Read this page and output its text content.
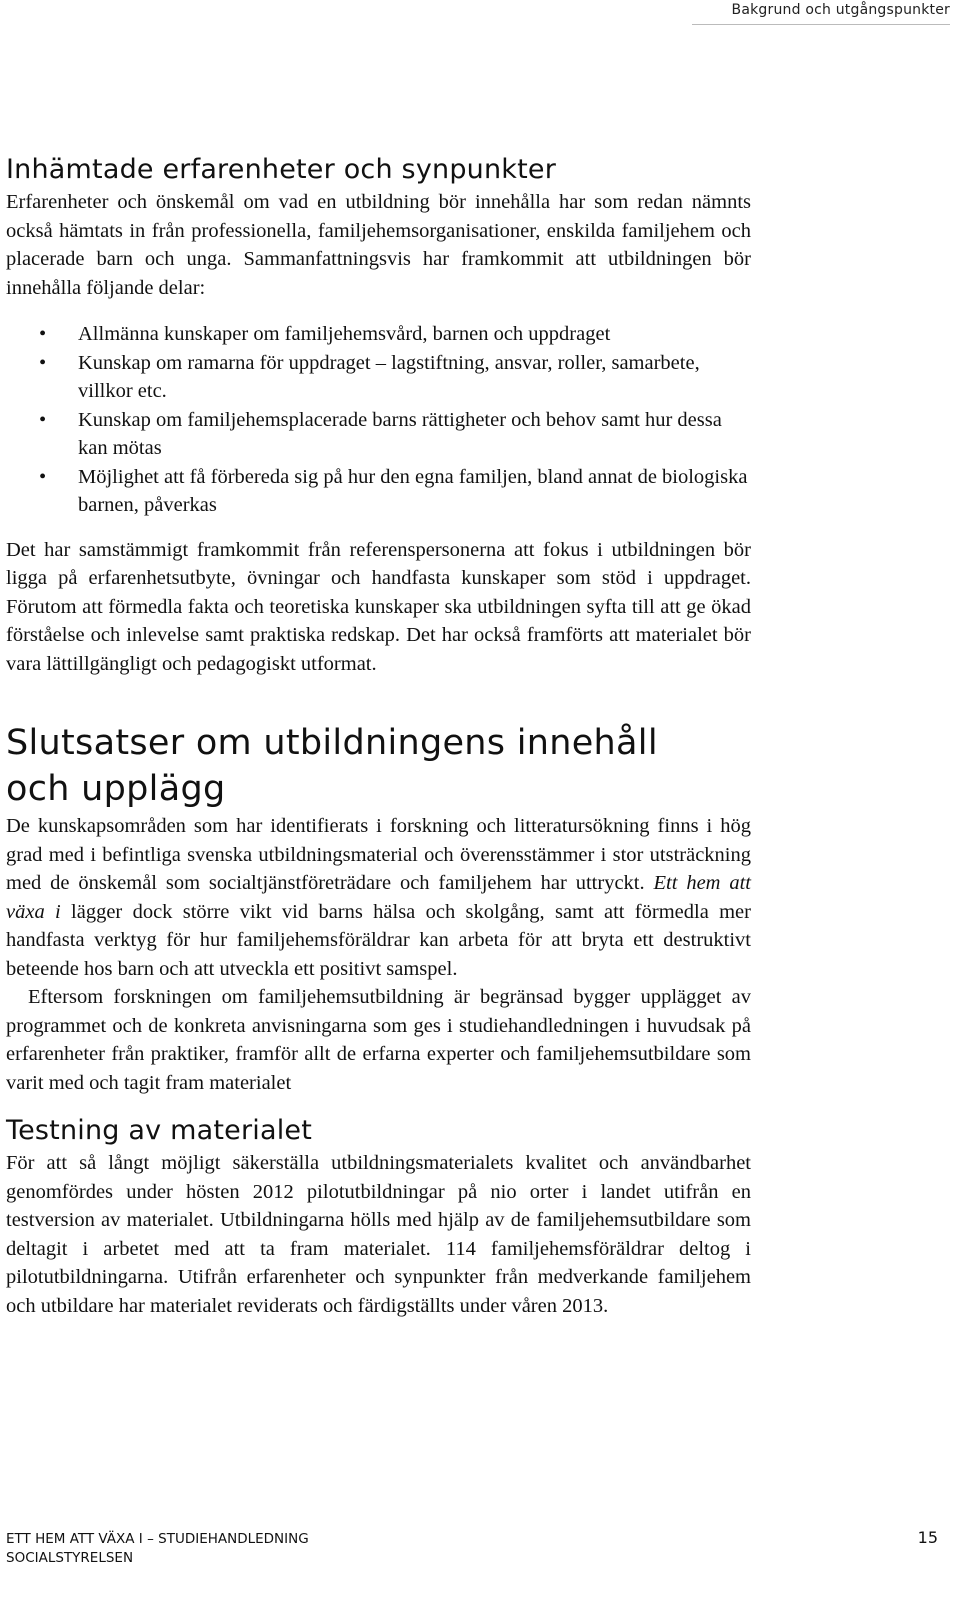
Bakgrund och utgångspunkter
Inhämtade erfarenheter och synpunkter

Erfarenheter och önskemål om vad en utbildning bör innehålla har som redan nämnts också hämtats in från professionella, familjehemsorganisationer, enskilda familjehem och placerade barn och unga. Sammanfattningsvis har framkommit att utbildningen bör innehålla följande delar:

• Allmänna kunskaper om familjehemsvård, barnen och uppdraget
• Kunskap om ramarna för uppdraget – lagstiftning, ansvar, roller, samarbete, villkor etc.
• Kunskap om familjehemsplacerade barns rättigheter och behov samt hur dessa kan mötas
• Möjlighet att få förbereda sig på hur den egna familjen, bland annat de biologiska barnen, påverkas

Det har samstämmigt framkommit från referenspersonerna att fokus i utbildningen bör ligga på erfarenhetsutbyte, övningar och handfasta kunskaper som stöd i uppdraget. Förutom att förmedla fakta och teoretiska kunskaper ska utbildningen syfta till att ge ökad förståelse och inlevelse samt praktiska redskap. Det har också framförts att materialet bör vara lättillgängligt och pedagogiskt utformat.

Slutsatser om utbildningens innehåll
och upplägg

De kunskapsområden som har identifierats i forskning och litteratursökning finns i hög grad med i befintliga svenska utbildningsmaterial och överensstämmer i stor utsträckning med de önskemål som socialtjänstföreträdare och familjehem har uttryckt. Ett hem att växa i lägger dock större vikt vid barns hälsa och skolgång, samt att förmedla mer handfasta verktyg för hur familjehemsföräldrar kan arbeta för att bryta ett destruktivt beteende hos barn och att utveckla ett positivt samspel.

Eftersom forskningen om familjehemsutbildning är begränsad bygger upplägget av programmet och de konkreta anvisningarna som ges i studiehandledningen i huvudsak på erfarenheter från praktiker, framför allt de erfarna experter och familjehemsutbildare som varit med och tagit fram materialet

Testning av materialet

För att så långt möjligt säkerställa utbildningsmaterialets kvalitet och användbarhet genomfördes under hösten 2012 pilotutbildningar på nio orter i landet utifrån en testversion av materialet. Utbildningarna hölls med hjälp av de familjehemsutbildare som deltagit i arbetet med att ta fram materialet. 114 familjehemsföräldrar deltog i pilotutbildningarna. Utifrån erfarenheter och synpunkter från medverkande familjehem och utbildare har materialet reviderats och färdigställts under våren 2013.

ETT HEM ATT VÄXA I – STUDIEHANDLEDNING
SOCIALSTYRELSEN
15
